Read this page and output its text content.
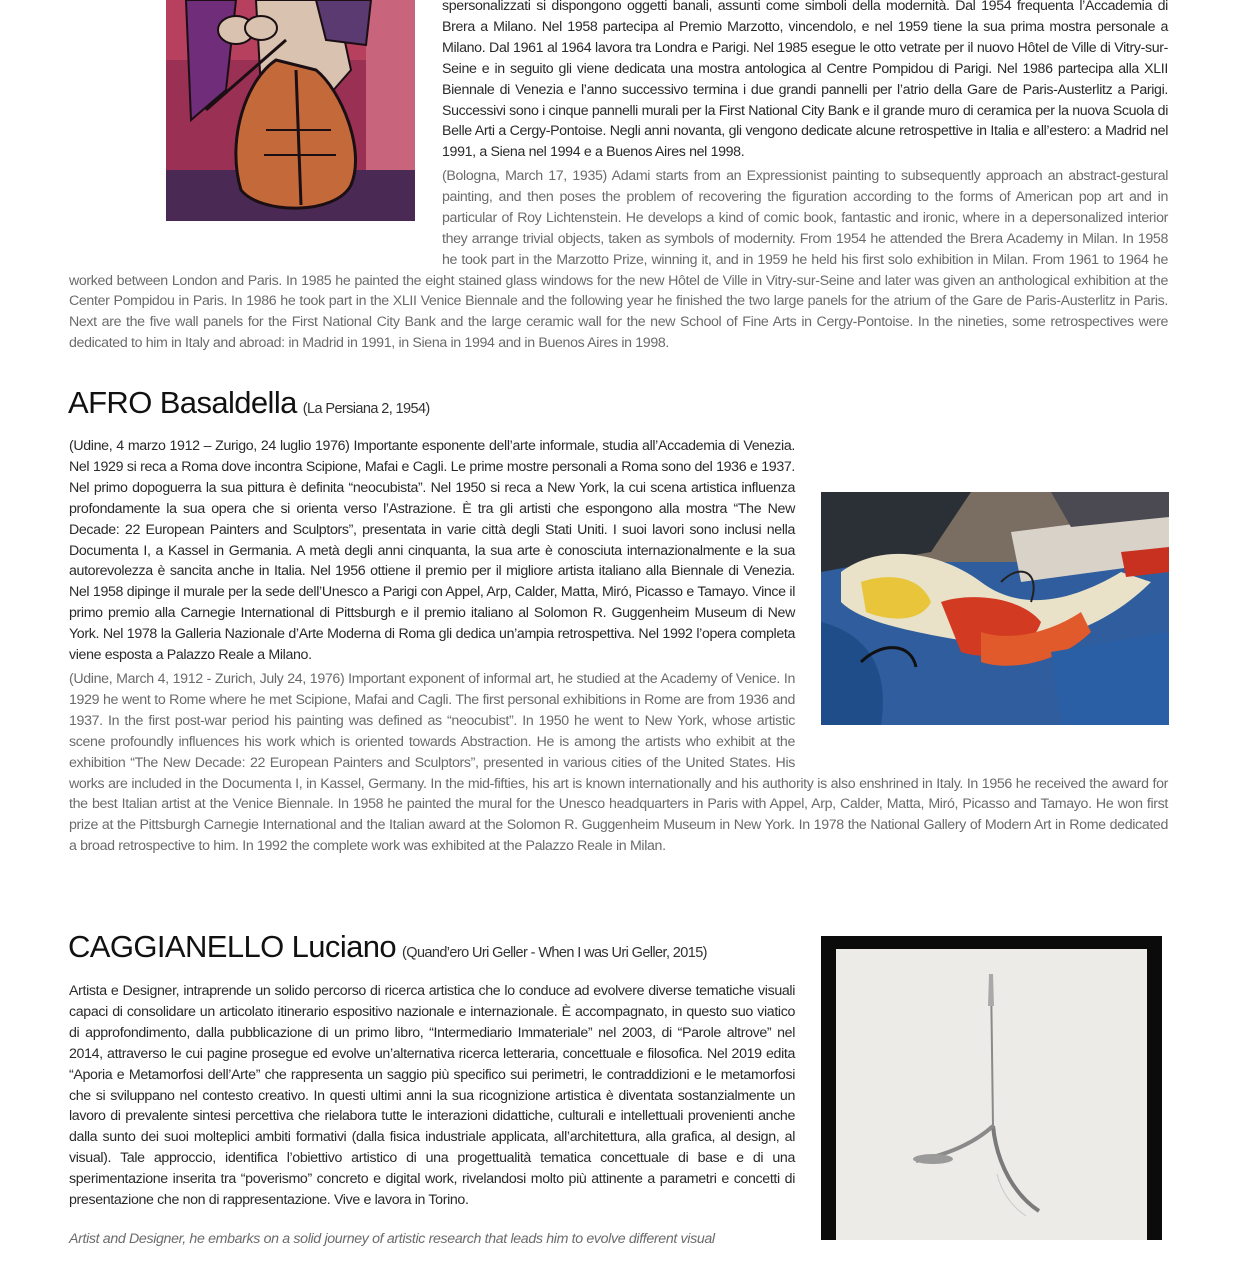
spersonalizzati si dispongono oggetti banali, assunti come simboli della modernità. Dal 1954 frequenta l’Accademia di Brera a Milano. Nel 1958 partecipa al Premio Marzotto, vincendolo, e nel 1959 tiene la sua prima mostra personale a Milano. Dal 1961 al 1964 lavora tra Londra e Parigi. Nel 1985 esegue le otto vetrate per il nuovo Hôtel de Ville di Vitry-sur-Seine e in seguito gli viene dedicata una mostra antologica al Centre Pompidou di Parigi. Nel 1986 partecipa alla XLII Biennale di Venezia e l’anno successivo termina i due grandi pannelli per l’atrio della Gare de Paris-Austerlitz a Parigi. Successivi sono i cinque pannelli murali per la First National City Bank e il grande muro di ceramica per la nuova Scuola di Belle Arti a Cergy-Pontoise. Negli anni novanta, gli vengono dedicate alcune retrospettive in Italia e all’estero: a Madrid nel 1991, a Siena nel 1994 e a Buenos Aires nel 1998.

(Bologna, March 17, 1935) Adami starts from an Expressionist painting to subsequently approach an abstract-gestural painting, and then poses the problem of recovering the figuration according to the forms of American pop art and in particular of Roy Lichtenstein. He develops a kind of comic book, fantastic and ironic, where in a depersonalized interior they arrange trivial objects, taken as symbols of modernity. From 1954 he attended the Brera Academy in Milan. In 1958 he took part in the Marzotto Prize, winning it, and in 1959 he held his first solo exhibition in Milan. From 1961 to 1964 he worked between London and Paris. In 1985 he painted the eight stained glass windows for the new Hôtel de Ville in Vitry-sur-Seine and later was given an anthological exhibition at the Center Pompidou in Paris. In 1986 he took part in the XLII Venice Biennale and the following year he finished the two large panels for the atrium of the Gare de Paris-Austerlitz in Paris. Next are the five wall panels for the First National City Bank and the large ceramic wall for the new School of Fine Arts in Cergy-Pontoise. In the nineties, some retrospectives were dedicated to him in Italy and abroad: in Madrid in 1991, in Siena in 1994 and in Buenos Aires in 1998.

AFRO Basaldella (La Persiana 2, 1954)

(Udine, 4 marzo 1912 – Zurigo, 24 luglio 1976) Importante esponente dell’arte informale, studia all’Accademia di Venezia. Nel 1929 si reca a Roma dove incontra Scipione, Mafai e Cagli. Le prime mostre personali a Roma sono del 1936 e 1937. Nel primo dopoguerra la sua pittura è definita “neocubista”. Nel 1950 si reca a New York, la cui scena artistica influenza profondamente la sua opera che si orienta verso l’Astrazione. È tra gli artisti che espongono alla mostra “The New Decade: 22 European Painters and Sculptors”, presentata in varie città degli Stati Uniti. I suoi lavori sono inclusi nella Documenta I, a Kassel in Germania. A metà degli anni cinquanta, la sua arte è conosciuta internazionalmente e la sua autorevolezza è sancita anche in Italia. Nel 1956 ottiene il premio per il migliore artista italiano alla Biennale di Venezia. Nel 1958 dipinge il murale per la sede dell’Unesco a Parigi con Appel, Arp, Calder, Matta, Miró, Picasso e Tamayo. Vince il primo premio alla Carnegie International di Pittsburgh e il premio italiano al Solomon R. Guggenheim Museum di New York. Nel 1978 la Galleria Nazionale d’Arte Moderna di Roma gli dedica un’ampia retrospettiva. Nel 1992 l’opera completa viene esposta a Palazzo Reale a Milano.

(Udine, March 4, 1912 - Zurich, July 24, 1976) Important exponent of informal art, he studied at the Academy of Venice. In 1929 he went to Rome where he met Scipione, Mafai and Cagli. The first personal exhibitions in Rome are from 1936 and 1937. In the first post-war period his painting was defined as “neocubist”. In 1950 he went to New York, whose artistic scene profoundly influences his work which is oriented towards Abstraction. He is among the artists who exhibit at the exhibition “The New Decade: 22 European Painters and Sculptors”, presented in various cities of the United States. His works are included in the Documenta I, in Kassel, Germany. In the mid-fifties, his art is known internationally and his authority is also enshrined in Italy. In 1956 he received the award for the best Italian artist at the Venice Biennale. In 1958 he painted the mural for the Unesco headquarters in Paris with Appel, Arp, Calder, Matta, Miró, Picasso and Tamayo. He won first prize at the Pittsburgh Carnegie International and the Italian award at the Solomon R. Guggenheim Museum in New York. In 1978 the National Gallery of Modern Art in Rome dedicated a broad retrospective to him. In 1992 the complete work was exhibited at the Palazzo Reale in Milan.

CAGGIANELLO Luciano (Quand’ero Uri Geller - When I was Uri Geller, 2015)

Artista e Designer, intraprende un solido percorso di ricerca artistica che lo conduce ad evolvere diverse tematiche visuali capaci di consolidare un articolato itinerario espositivo nazionale e internazionale. È accompagnato, in questo suo viatico di approfondimento, dalla pubblicazione di un primo libro, “Intermediario Immateriale” nel 2003, di “Parole altrove” nel 2014, attraverso le cui pagine prosegue ed evolve un’alternativa ricerca letteraria, concettuale e filosofica. Nel 2019 edita “Aporia e Metamorfosi dell’Arte” che rappresenta un saggio più specifico sui perimetri, le contraddizioni e le metamorfosi che si sviluppano nel contesto creativo. In questi ultimi anni la sua ricognizione artistica è diventata sostanzialmente un lavoro di prevalente sintesi percettiva che rielabora tutte le interazioni didattiche, culturali e intellettuali provenienti anche dalla sunto dei suoi molteplici ambiti formativi (dalla fisica industriale applicata, all’architettura, alla grafica, al design, al visual). Tale approccio, identifica l’obiettivo artistico di una progettualità tematica concettuale di base e di una sperimentazione inserita tra “poverismo” concreto e digital work, rivelandosi molto più attinente a parametri e concetti di presentazione che non di rappresentazione. Vive e lavora in Torino.

Artist and Designer, he embarks on a solid journey of artistic research that leads him to evolve different visual
